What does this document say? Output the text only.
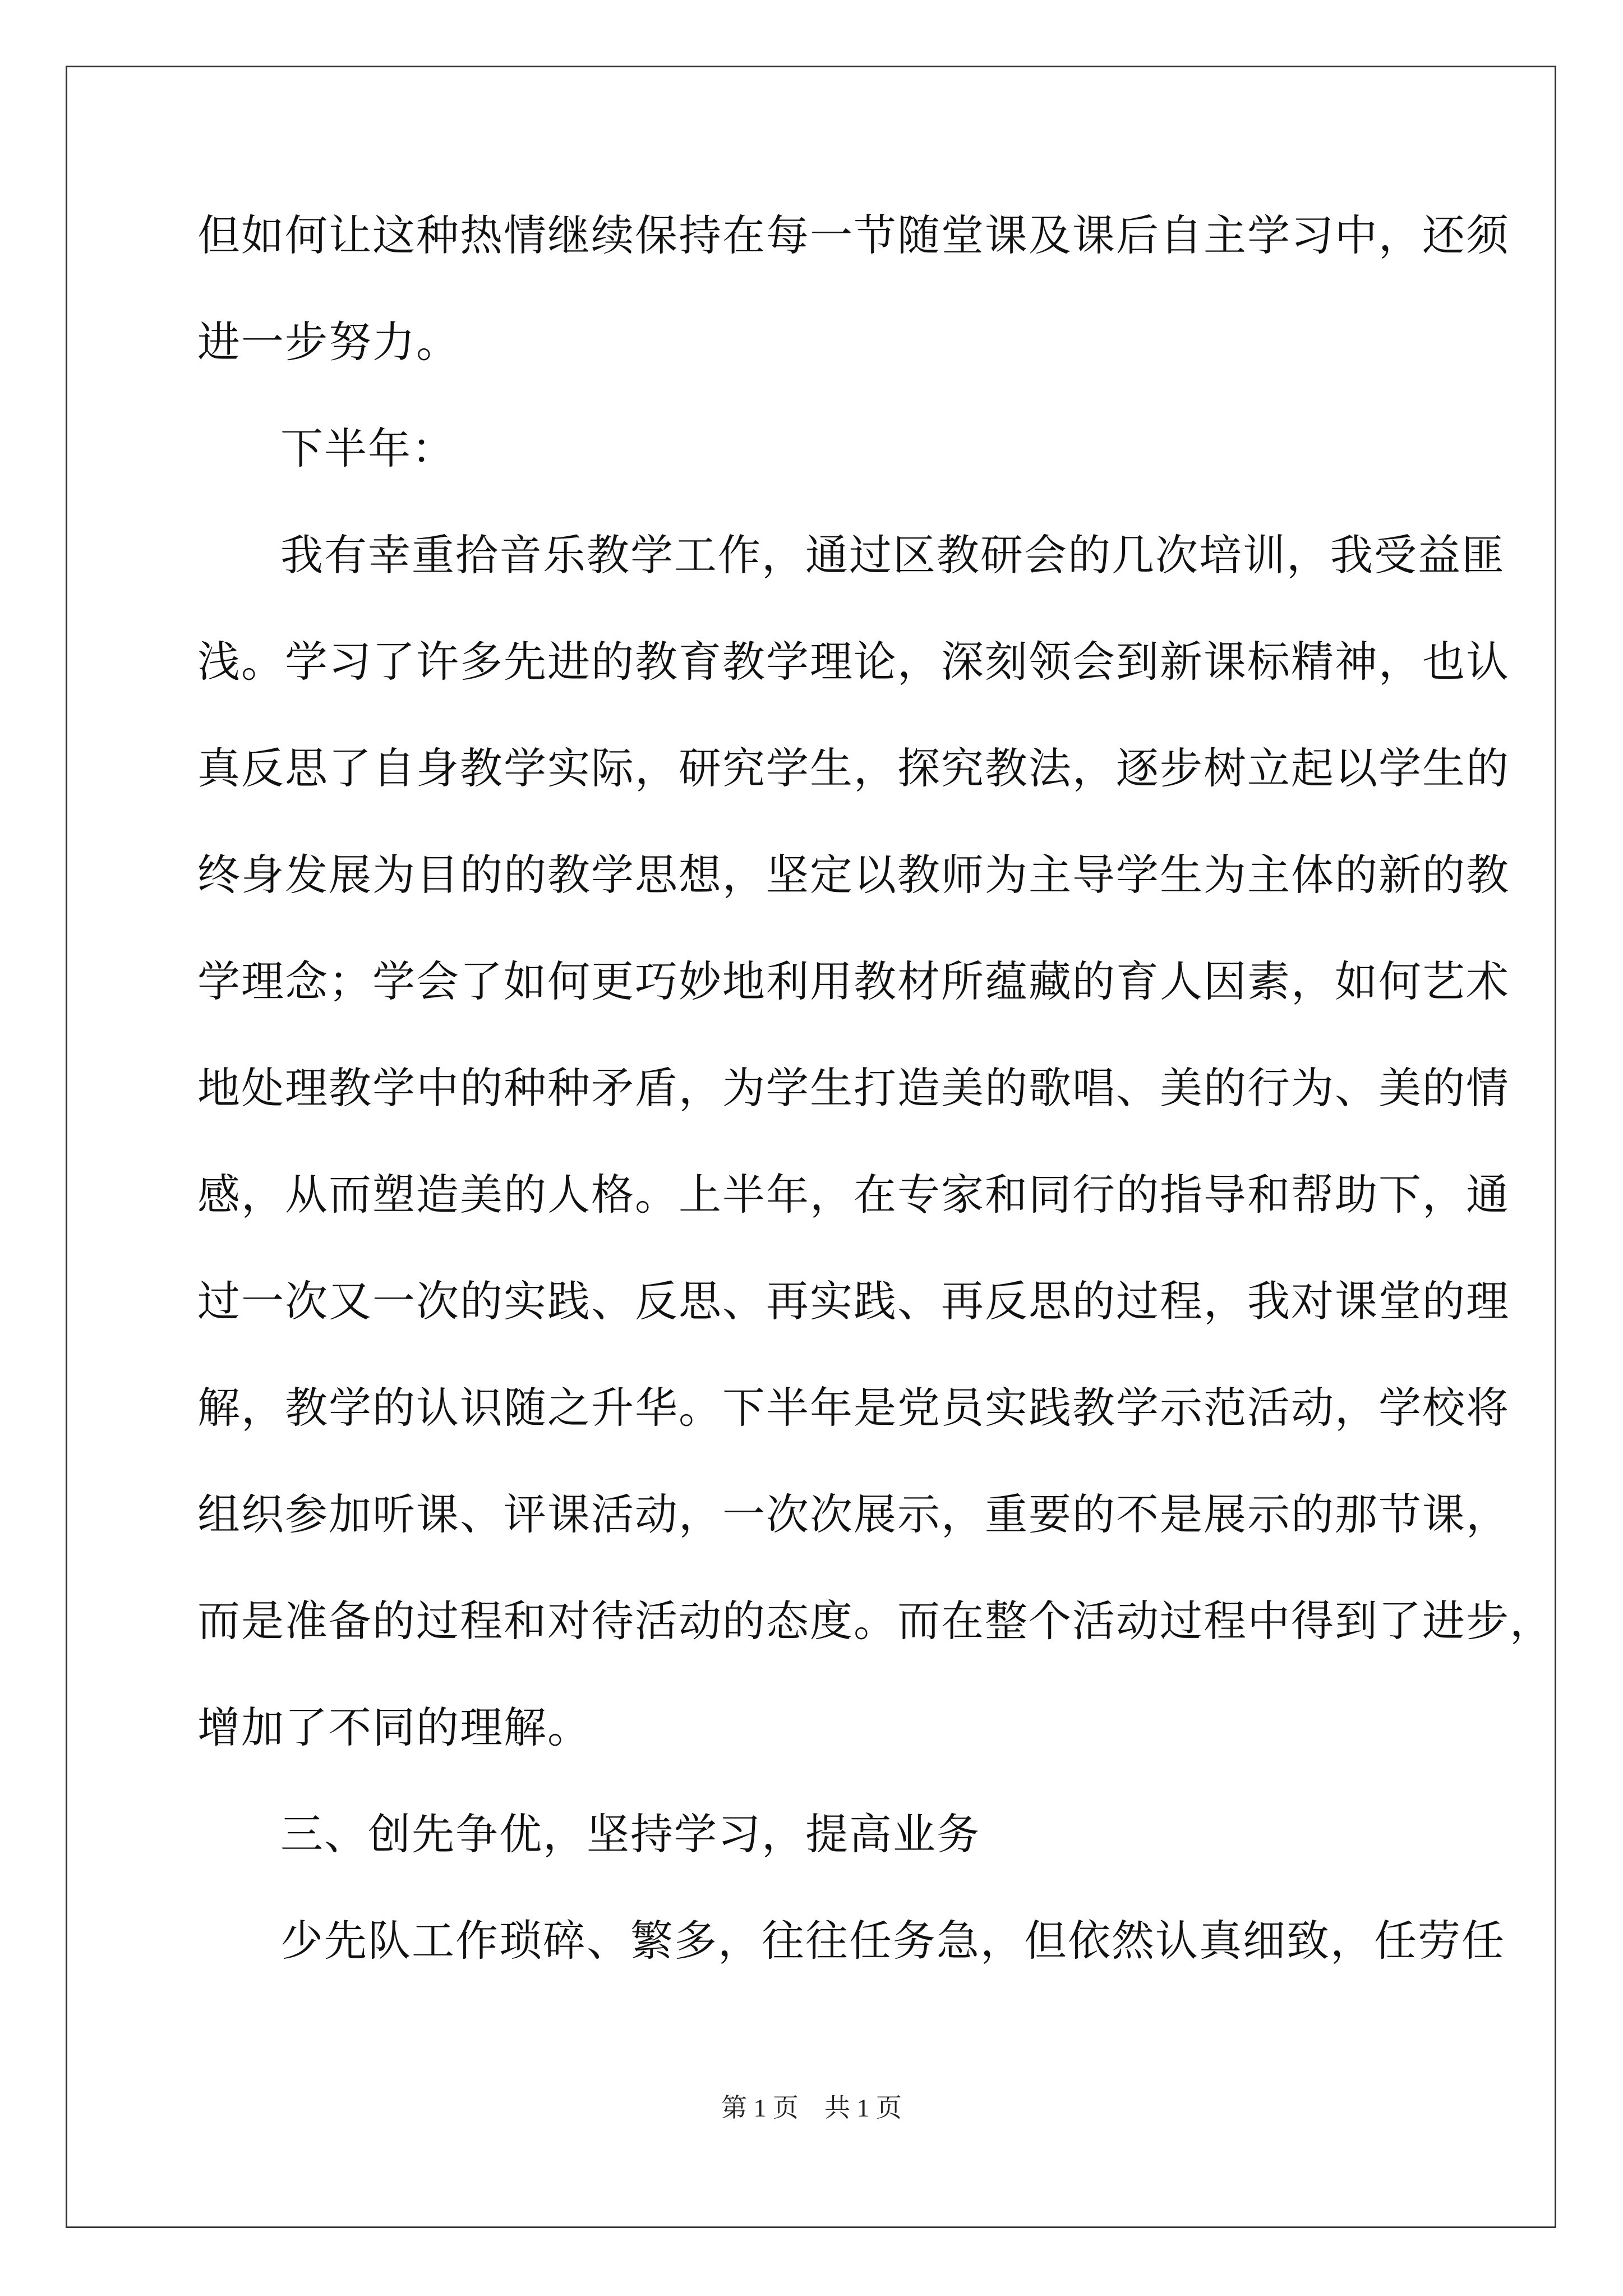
但如何让这种热情继续保持在每一节随堂课及课后自主学习中，还须
进一步努力。
下半年：
我有幸重拾音乐教学工作，通过区教研会的几次培训，我受益匪
浅。学习了许多先进的教育教学理论，深刻领会到新课标精神，也认
真反思了自身教学实际，研究学生，探究教法，逐步树立起以学生的
终身发展为目的的教学思想，坚定以教师为主导学生为主体的新的教
学理念；学会了如何更巧妙地利用教材所蕴藏的育人因素，如何艺术
地处理教学中的种种矛盾，为学生打造美的歌唱、美的行为、美的情
感，从而塑造美的人格。上半年，在专家和同行的指导和帮助下，通
过一次又一次的实践、反思、再实践、再反思的过程，我对课堂的理
解，教学的认识随之升华。下半年是党员实践教学示范活动，学校将
组织参加听课、评课活动，一次次展示，重要的不是展示的那节课，
而是准备的过程和对待活动的态度。而在整个活动过程中得到了进步，
增加了不同的理解。
三、创先争优，坚持学习，提高业务
少先队工作琐碎、繁多，往往任务急，但依然认真细致，任劳任
第 1 页 共 1 页
